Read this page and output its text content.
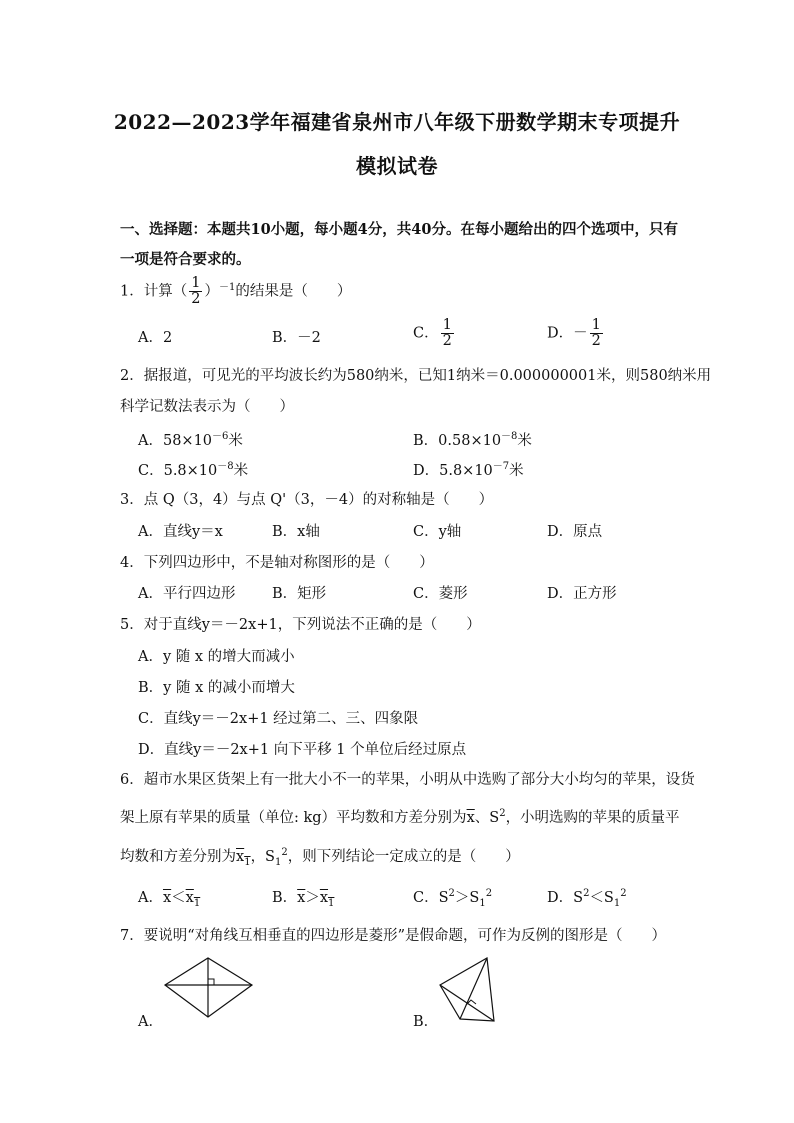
2022—2023学年福建省泉州市八年级下册数学期末专项提升
模拟试卷
一、选择题：本题共10小题，每小题4分，共40分。在每小题给出的四个选项中，只有
一项是符合要求的。
1．计算（ $\frac{1}{2} )^{-1}$的结果是（　　）
A．2	B．－2	C． $\frac{1}{2}$	D．－ $\frac{1}{2}$
2．据报道，可见光的平均波长约为580纳米，已知1纳米＝0.000000001米，则580纳米用
科学记数法表示为（　　）
A．$58\times 10^{-6}$米	B．$0.58\times 10^{-8}$米
C．$5.8\times 10^{-8}$米	D．$5.8\times 10^{-7}$米
3．点 Q（3，4）与点 Q'（3，－4）的对称轴是（　　）
A．直线y＝x	B．x轴	C．y轴	D．原点
4．下列四边形中，不是轴对称图形的是（　　）
A．平行四边形	B．矩形	C．菱形	D．正方形
5．对于直线y＝－2x+1，下列说法不正确的是（　　）
A．y 随 x 的增大而减小
B．y 随 x 的减小而增大
C．直线y＝－2x+1 经过第二、三、四象限
D．直线y＝－2x+1 向下平移 1 个单位后经过原点
6．超市水果区货架上有一批大小不一的苹果，小明从中选购了部分大小均匀的苹果，设货
架上原有苹果的质量（单位: kg）平均数和方差分别为$\overline{x}$、$S^2$，小明选购的苹果的质量平
均数和方差分别为$x_1$，$S_1^2$，则下列结论一定成立的是（　　）
A．$\overline{x}<x_1$	B．$\overline{x}>x_1$	C．$S^2>S_1^2$	D．$S^2<S_1^2$
7．要说明“对角线互相垂直的四边形是菱形”是假命题，可作为反例的图形是（　　）
A．	B．
